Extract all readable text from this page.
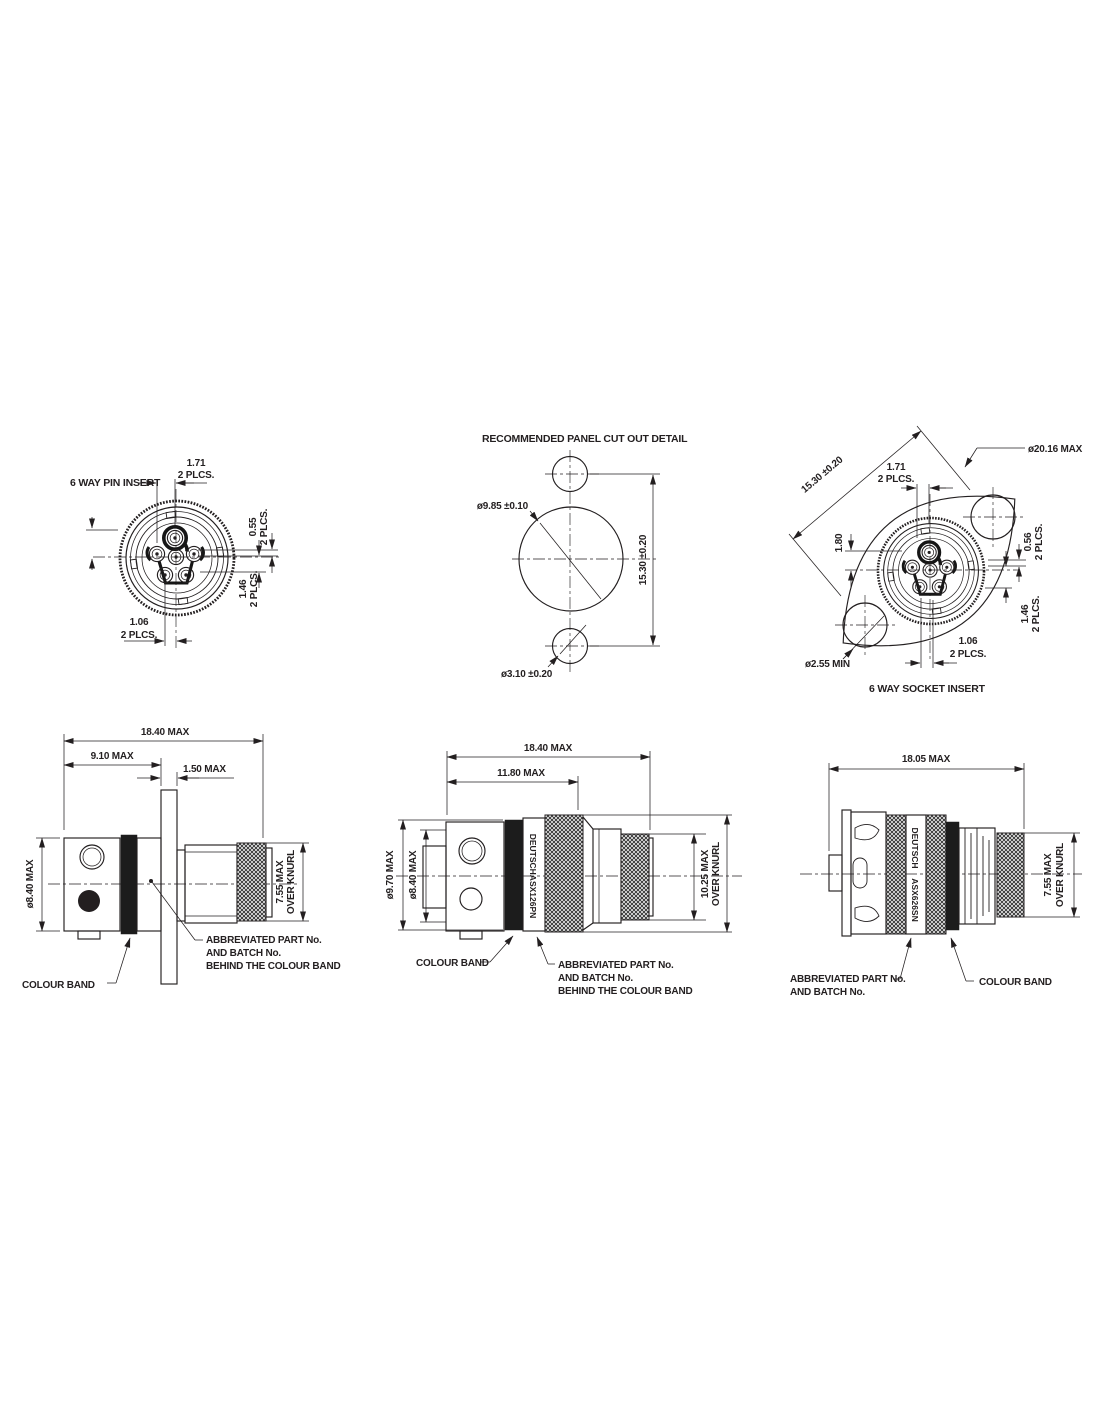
6 WAY PIN INSERT
1.71
2 PLCS.
0.55 2 PLCS.
1.46 2 PLCS.
1.06
2 PLCS.
RECOMMENDED PANEL CUT OUT DETAIL
15.30 ±0.20
ø9.85 ±0.10
ø3.10 ±0.20
1.71
2 PLCS.
1.80	0.56 2 PLCS.
1.46 2 PLCS.
1.06
2 PLCS.
ø2.55 MIN
ø20.16 MAX
15.30 ±0.20
6 WAY SOCKET INSERT
18.40 MAX
9.10 MAX
1.50 MAX
ø8.40 MAX	7.55 MAX OVER KNURL
COLOUR BAND
ABBREVIATED PART No.
AND BATCH No.
BEHIND THE COLOUR BAND
DEUTSCHASX126PN
18.40 MAX
11.80 MAX
ø9.70 MAX ø8.40 MAX	10.25 MAX OVER KNURL
COLOUR BAND	ABBREVIATED PART No.
AND BATCH No.
BEHIND THE COLOUR BAND
DEUTSCH
ASX626SN
18.05 MAX
7.55 MAX OVER KNURL
ABBREVIATED PART No.
AND BATCH No.
COLOUR BAND
